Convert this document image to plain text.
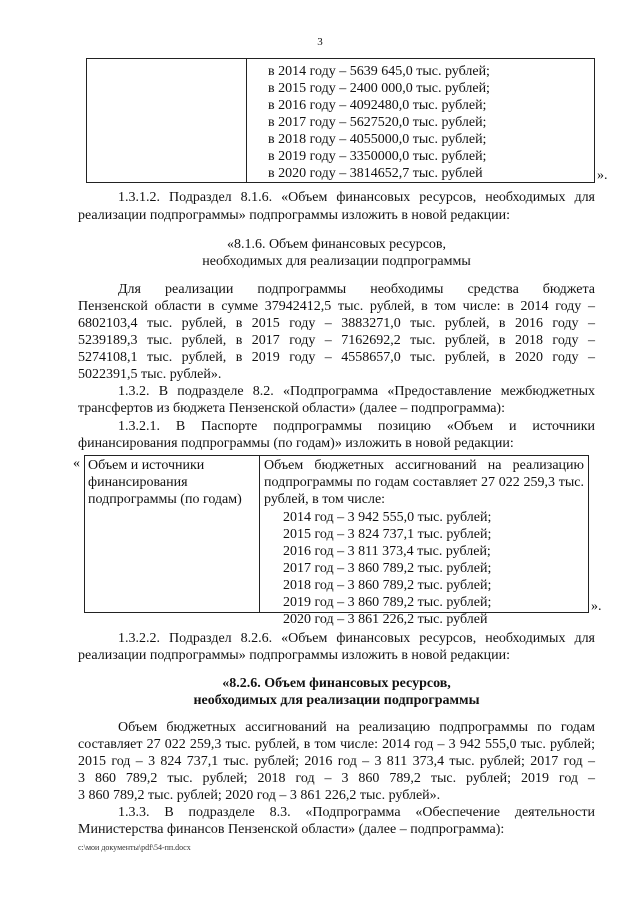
3
в 2014 году – 5639 645,0 тыс. рублей;
в 2015 году – 2400 000,0 тыс. рублей;
в 2016 году – 4092480,0 тыс. рублей;
в 2017 году – 5627520,0 тыс. рублей;
в 2018 году – 4055000,0 тыс. рублей;
в 2019 году – 3350000,0 тыс. рублей;
в 2020 году – 3814652,7 тыс. рублей	».
1.3.1.2. Подраздел 8.1.6. «Объем финансовых ресурсов, необходимых для
реализации подпрограммы» подпрограммы изложить в новой редакции:
«8.1.6. Объем финансовых ресурсов,
необходимых для реализации подпрограммы
Для реализации подпрограммы необходимы средства бюджета
Пензенской области в сумме 37942412,5 тыс. рублей, в том числе: в 2014 году –
6802103,4 тыс. рублей, в 2015 году – 3883271,0 тыс. рублей, в 2016 году –
5239189,3 тыс. рублей, в 2017 году – 7162692,2 тыс. рублей, в 2018 году –
5274108,1 тыс. рублей, в 2019 году – 4558657,0 тыс. рублей, в 2020 году –
5022391,5 тыс. рублей».
1.3.2. В подразделе 8.2. «Подпрограмма «Предоставление межбюджетных
трансфертов из бюджета Пензенской области» (далее – подпрограмма):
1.3.2.1. В Паспорте подпрограммы позицию «Объем и источники
финансирования подпрограммы (по годам)» изложить в новой редакции:
« Объем и источники
финансирования
подпрограммы (по годам)
Объем бюджетных ассигнований на реализацию
подпрограммы по годам составляет 27 022 259,3 тыс.
рублей, в том числе:
2014 год – 3 942 555,0 тыс. рублей;
2015 год – 3 824 737,1 тыс. рублей;
2016 год – 3 811 373,4 тыс. рублей;
2017 год – 3 860 789,2 тыс. рублей;
2018 год – 3 860 789,2 тыс. рублей;
2019 год – 3 860 789,2 тыс. рублей;
2020 год – 3 861 226,2 тыс. рублей
».
1.3.2.2. Подраздел 8.2.6. «Объем финансовых ресурсов, необходимых для
реализации подпрограммы» подпрограммы изложить в новой редакции:
«8.2.6. Объем финансовых ресурсов,
необходимых для реализации подпрограммы
Объем бюджетных ассигнований на реализацию подпрограммы по годам
составляет 27 022 259,3 тыс. рублей, в том числе: 2014 год – 3 942 555,0 тыс. рублей;
2015 год – 3 824 737,1 тыс. рублей; 2016 год – 3 811 373,4 тыс. рублей; 2017 год –
3 860 789,2 тыс. рублей; 2018 год – 3 860 789,2 тыс. рублей; 2019 год –
3 860 789,2 тыс. рублей; 2020 год – 3 861 226,2 тыс. рублей».
1.3.3. В подразделе 8.3. «Подпрограмма «Обеспечение деятельности
Министерства финансов Пензенской области» (далее – подпрограмма):
c:\мои документы\pdf\54-пп.docx
